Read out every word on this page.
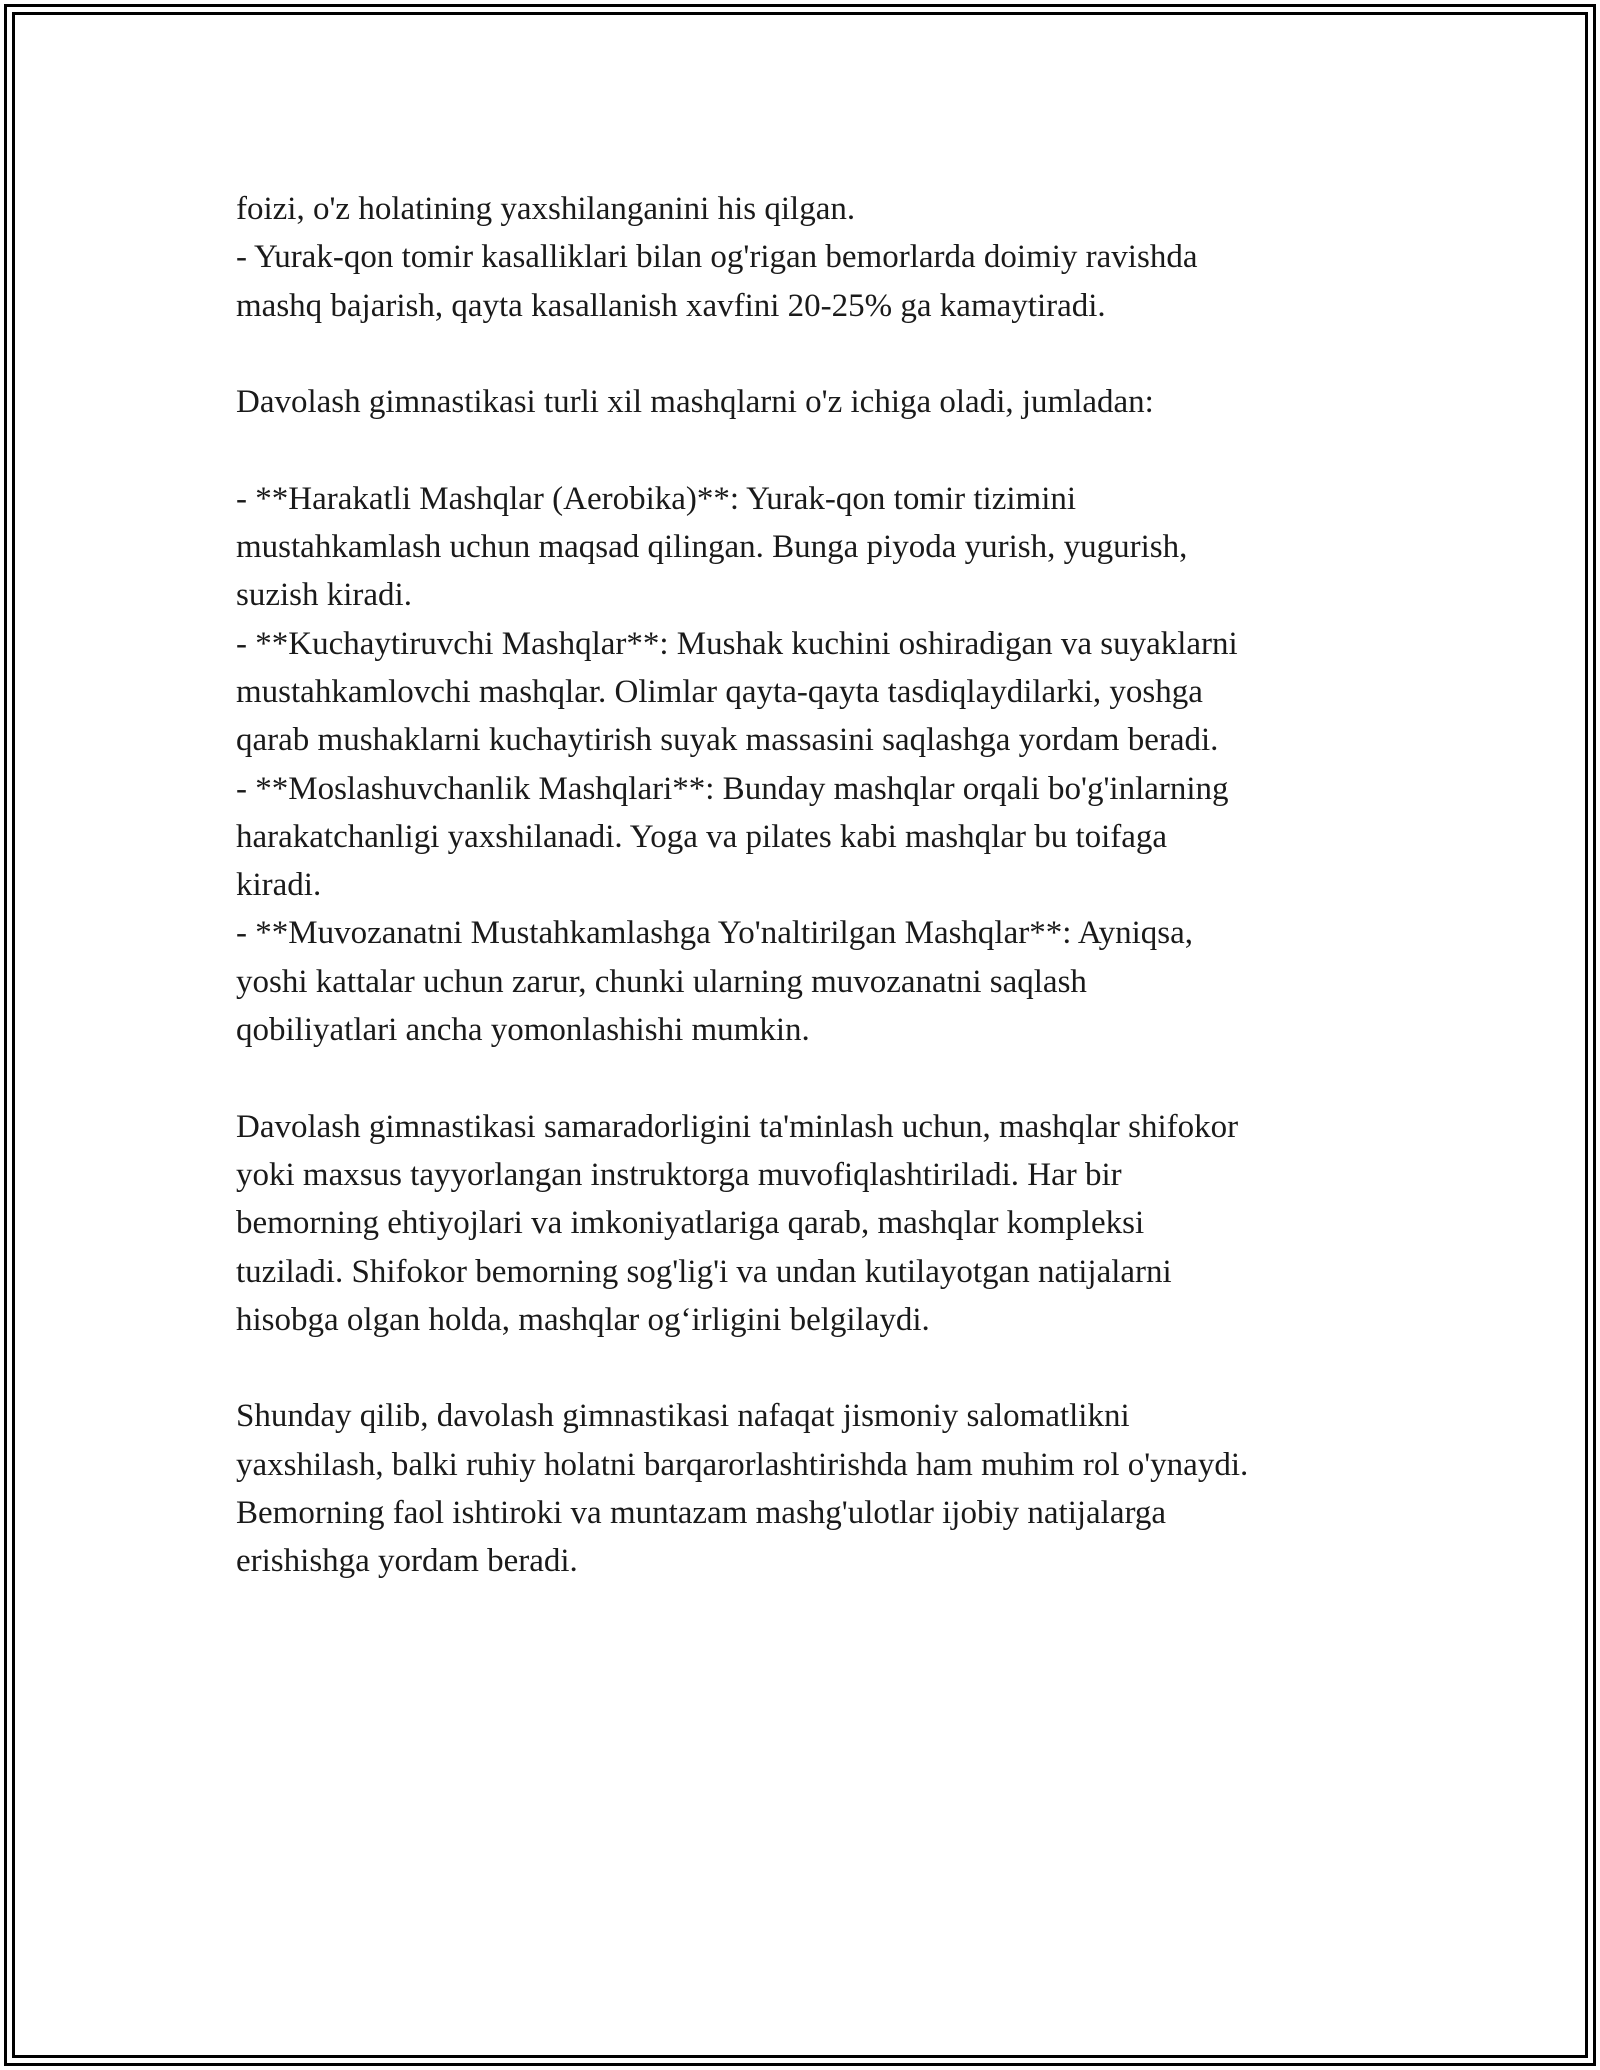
foizi, o'z holatining yaxshilanganini his qilgan.

- Yurak-qon tomir kasalliklari bilan og'rigan bemorlarda doimiy ravishda

mashq bajarish, qayta kasallanish xavfini 20-25% ga kamaytiradi.

Davolash gimnastikasi turli xil mashqlarni o'z ichiga oladi, jumladan:

- **Harakatli Mashqlar (Aerobika)**: Yurak-qon tomir tizimini

mustahkamlash uchun maqsad qilingan. Bunga piyoda yurish, yugurish,

suzish kiradi.

- **Kuchaytiruvchi Mashqlar**: Mushak kuchini oshiradigan va suyaklarni

mustahkamlovchi mashqlar. Olimlar qayta-qayta tasdiqlaydilarki, yoshga

qarab mushaklarni kuchaytirish suyak massasini saqlashga yordam beradi.

- **Moslashuvchanlik Mashqlari**: Bunday mashqlar orqali bo'g'inlarning

harakatchanligi yaxshilanadi. Yoga va pilates kabi mashqlar bu toifaga

kiradi.

- **Muvozanatni Mustahkamlashga Yo'naltirilgan Mashqlar**: Ayniqsa,

yoshi kattalar uchun zarur, chunki ularning muvozanatni saqlash

qobiliyatlari ancha yomonlashishi mumkin.

Davolash gimnastikasi samaradorligini ta'minlash uchun, mashqlar shifokor

yoki maxsus tayyorlangan instruktorga muvofiqlashtiriladi. Har bir

bemorning ehtiyojlari va imkoniyatlariga qarab, mashqlar kompleksi

tuziladi. Shifokor bemorning sog'lig'i va undan kutilayotgan natijalarni

hisobga olgan holda, mashqlar og‘irligini belgilaydi.

Shunday qilib, davolash gimnastikasi nafaqat jismoniy salomatlikni

yaxshilash, balki ruhiy holatni barqarorlashtirishda ham muhim rol o'ynaydi.

Bemorning faol ishtiroki va muntazam mashg'ulotlar ijobiy natijalarga

erishishga yordam beradi.
